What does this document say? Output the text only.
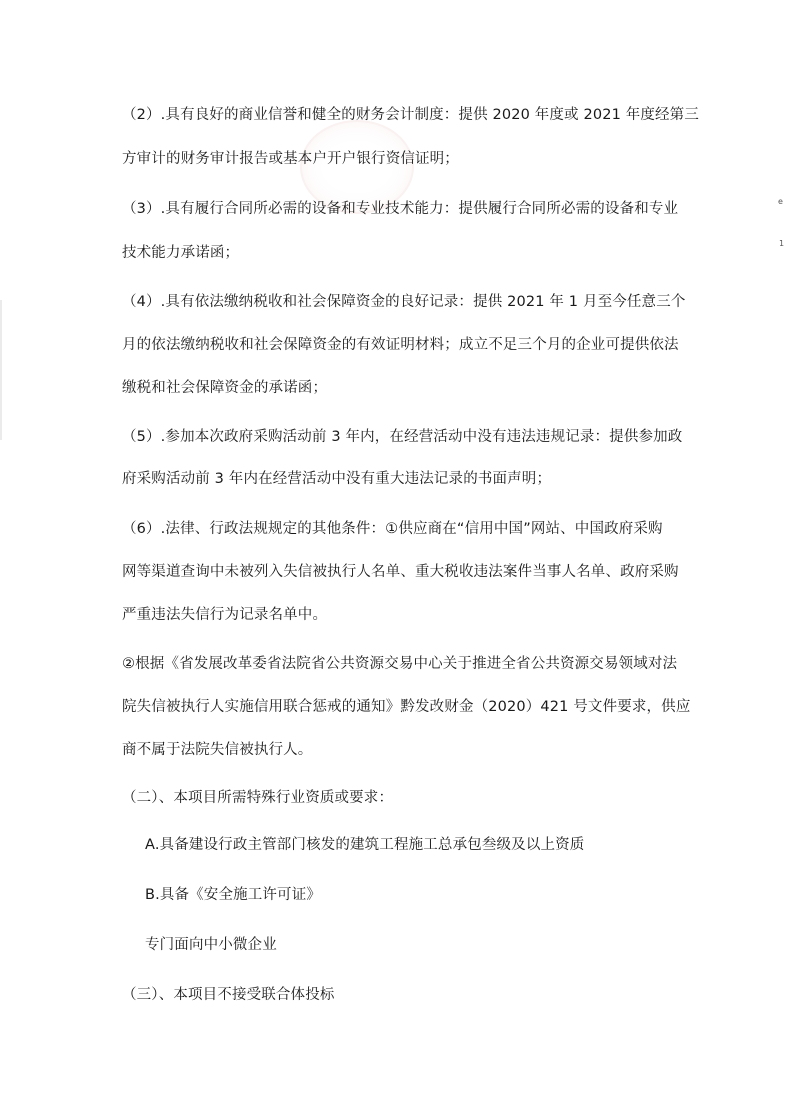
e
1
（2）.具有良好的商业信誉和健全的财务会计制度：提供 2020 年度或 2021 年度经第三
方审计的财务审计报告或基本户开户银行资信证明；
（3）.具有履行合同所必需的设备和专业技术能力：提供履行合同所必需的设备和专业
技术能力承诺函；
（4）.具有依法缴纳税收和社会保障资金的良好记录：提供 2021 年 1 月至今任意三个
月的依法缴纳税收和社会保障资金的有效证明材料；成立不足三个月的企业可提供依法
缴税和社会保障资金的承诺函；
（5）.参加本次政府采购活动前 3 年内，在经营活动中没有违法违规记录：提供参加政
府采购活动前 3 年内在经营活动中没有重大违法记录的书面声明；
（6）.法律、行政法规规定的其他条件：①供应商在“信用中国”网站、中国政府采购
网等渠道查询中未被列入失信被执行人名单、重大税收违法案件当事人名单、政府采购
严重违法失信行为记录名单中。
②根据《省发展改革委省法院省公共资源交易中心关于推进全省公共资源交易领域对法
院失信被执行人实施信用联合惩戒的通知》黔发改财金（2020）421 号文件要求，供应
商不属于法院失信被执行人。
（二）、本项目所需特殊行业资质或要求：
A.具备建设行政主管部门核发的建筑工程施工总承包叁级及以上资质
B.具备《安全施工许可证》
专门面向中小微企业
（三）、本项目不接受联合体投标
